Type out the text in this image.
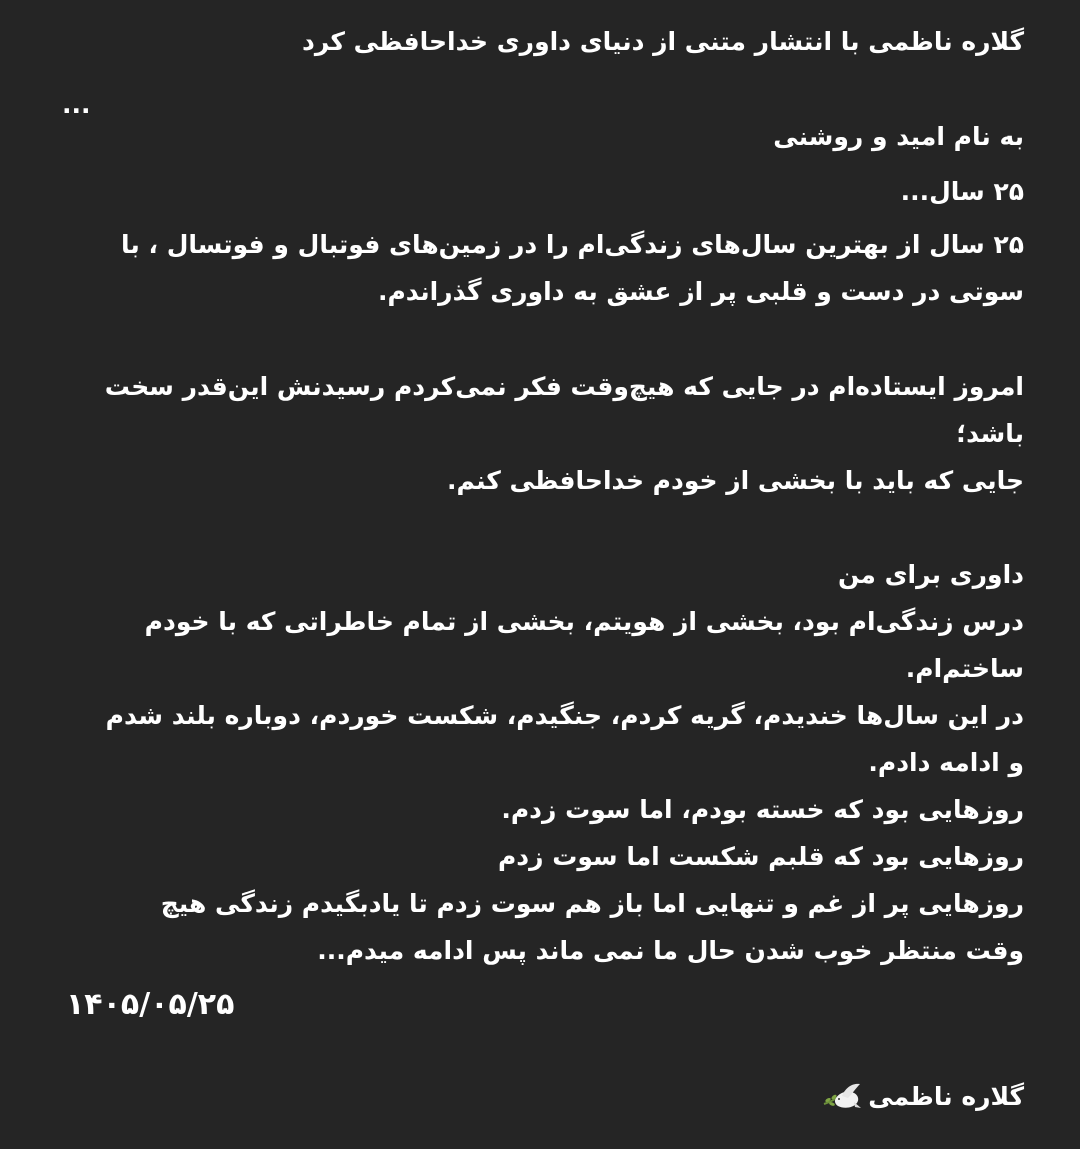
گلاره ناظمی با انتشار متنی از دنیای داوری خداحافظی کرد
...
به نام امید و روشنی
۲۵ سال...
۲۵ سال از بهترین سال‌های زندگی‌ام را در زمین‌های فوتبال و فوتسال ، با
سوتی در دست و قلبی پر از عشق به داوری گذراندم.
امروز ایستاده‌ام در جایی که هیچ‌وقت فکر نمی‌کردم رسیدنش این‌قدر سخت
باشد؛
جایی که باید با بخشی از خودم خداحافظی کنم.
داوری برای من
درس زندگی‌ام بود، بخشی از هویتم، بخشی از تمام خاطراتی که با خودم
ساختم‌ام.
در این سال‌ها خندیدم، گریه کردم، جنگیدم، شکست خوردم، دوباره بلند شدم
و ادامه دادم.
روزهایی بود که خسته بودم، اما سوت زدم.
روزهایی بود که قلبم شکست اما سوت زدم
روزهایی پر از غم و تنهایی اما باز هم سوت زدم تا یادبگیدم زندگی هیچ
وقت منتظر خوب شدن حال ما نمی ماند پس ادامه میدم...
۱۴۰۵/۰۵/۲۵
گلاره ناظمی
